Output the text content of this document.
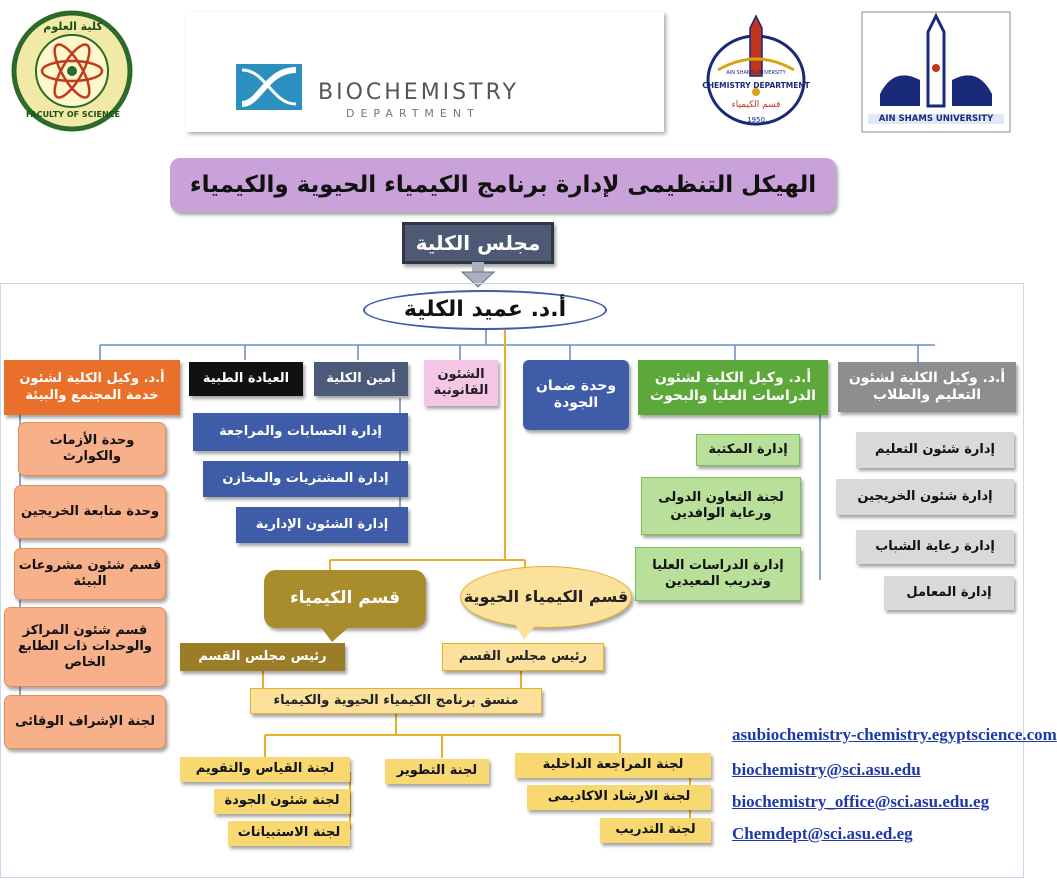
كلية العلوم
FACULTY OF SCIENCE
BIOCHEMISTRY
DEPARTMENT
CHEMISTRY DEPARTMENT
AIN SHAMS UNIVERSITY
قسم الكيمياء
1950	AIN SHAMS UNIVERSITY
الهيكل التنظيمى لإدارة برنامج الكيمياء الحيوية والكيمياء
مجلس الكلية
أ.د. عميد الكلية
أ.د. وكيل الكلية لشئون التعليم والطلاب
أ.د. وكيل الكلية لشئون الدراسات العليا والبحوث
وحدة ضمان الجودة
الشئون القانونية
أمين الكلية
العيادة الطبية
أ.د. وكيل الكلية لشئون خدمة المجتمع والبيئة
إدارة شئون التعليم
إدارة شئون الخريجين
إدارة رعاية الشباب
إدارة المعامل
إدارة المكتبة
لجنة التعاون الدولى ورعاية الوافدين
إدارة الدراسات العليا وتدريب المعيدين
إدارة الحسابات والمراجعة
إدارة المشتريات والمخازن
إدارة الشئون الإدارية
وحدة الأزمات والكوارث
وحدة متابعة الخريجين
قسم شئون مشروعات البيئة
قسم شئون المراكز والوحدات ذات الطابع الخاص
لجنة الإشراف الوقائى
قسم الكيمياء	قسم الكيمياء الحيوية
رئيس مجلس القسم	رئيس مجلس القسم
منسق برنامج الكيمياء الحيوية والكيمياء
لجنة القياس والتقويم
لجنة شئون الجودة
لجنة الاستبيانات
لجنة التطوير	لجنة المراجعة الداخلية
لجنة الارشاد الاكاديمى
لجنة التدريب
asubiochemistry-chemistry.egyptscience.com
biochemistry@sci.asu.edu
biochemistry_office@sci.asu.edu.eg
Chemdept@sci.asu.ed.eg
